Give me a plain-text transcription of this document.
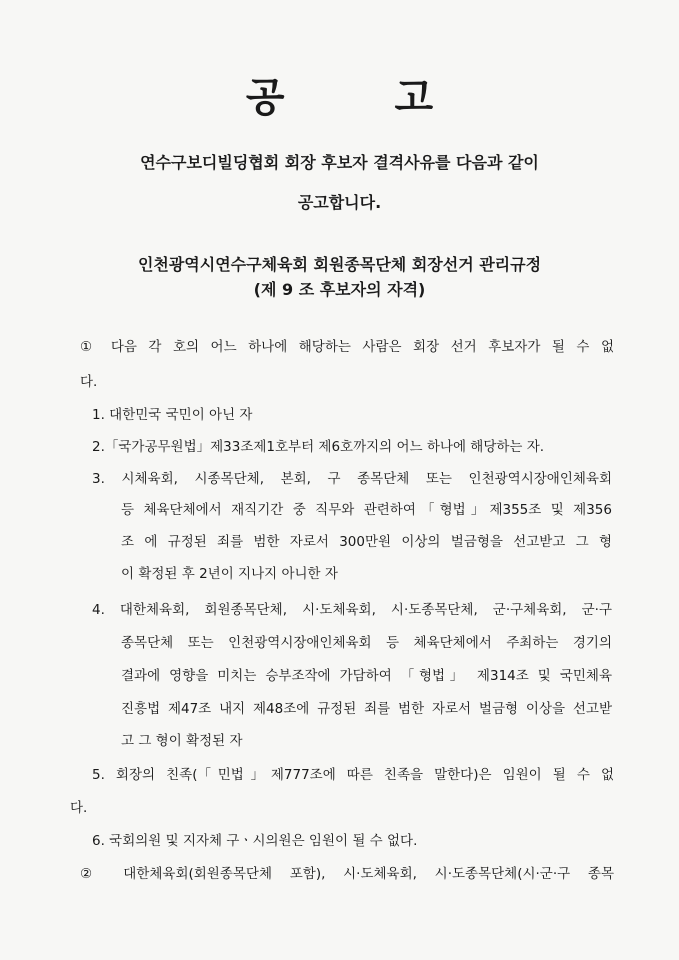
공고
연수구보디빌딩협회 회장 후보자 결격사유를 다음과 같이
공고합니다.
인천광역시연수구체육회 회원종목단체 회장선거 관리규정
(제 9 조 후보자의 자격)
① 다음 각 호의 어느 하나에 해당하는 사람은 회장 선거 후보자가 될 수 없
다.
1. 대한민국 국민이 아닌 자
2.「국가공무원법」제33조제1호부터 제6호까지의 어느 하나에 해당하는 자.
3. 시체육회, 시종목단체, 본회, 구 종목단체 또는 인천광역시장애인체육회
등 체육단체에서 재직기간 중 직무와 관련하여「형법」제355조 및 제356
조 에 규정된 죄를 범한 자로서 300만원 이상의 벌금형을 선고받고 그 형
이 확정된 후 2년이 지나지 아니한 자
4. 대한체육회, 회원종목단체, 시·도체육회, 시·도종목단체, 군·구체육회, 군·구
종목단체 또는 인천광역시장애인체육회 등 체육단체에서 주최하는 경기의
결과에 영향을 미치는 승부조작에 가담하여 「형법」 제314조 및 국민체육
진흥법 제47조 내지 제48조에 규정된 죄를 범한 자로서 벌금형 이상을 선고받
고 그 형이 확정된 자
5. 회장의 친족(「민법」제777조에 따른 친족을 말한다)은 임원이 될 수 없
다.
6. 국회의원 및 지자체 구ㆍ시의원은 임원이 될 수 없다.
② 대한체육회(회원종목단체 포함), 시·도체육회, 시·도종목단체(시·군·구 종목
